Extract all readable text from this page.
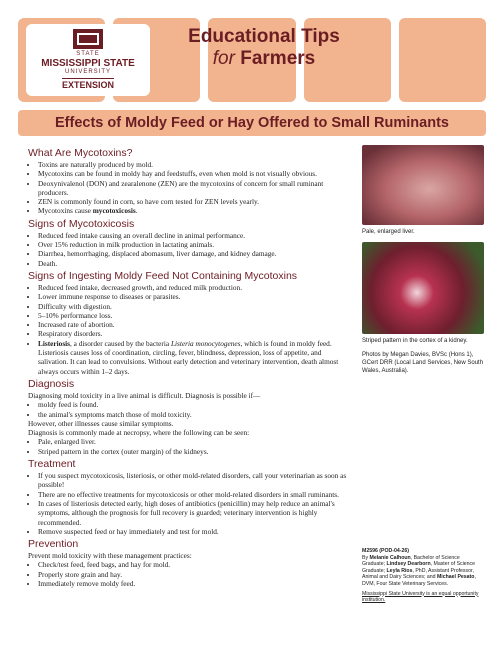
STATE
MISSISSIPPI STATE
UNIVERSITY
EXTENSION
Educational Tips
for Farmers
Effects of Moldy Feed or Hay Offered to Small Ruminants
What Are Mycotoxins?
• Toxins are naturally produced by mold.
• Mycotoxins can be found in moldy hay and feedstuffs, even when mold is not visually obvious.
• Deoxynivalenol (DON) and zearalenone (ZEN) are the mycotoxins of concern for small ruminant producers.
• ZEN is commonly found in corn, so have corn tested for ZEN levels yearly.
• Mycotoxins cause mycotoxicosis.
Signs of Mycotoxicosis
• Reduced feed intake causing an overall decline in animal performance.
• Over 15% reduction in milk production in lactating animals.
• Diarrhea, hemorrhaging, displaced abomasum, liver damage, and kidney damage.
• Death.
Signs of Ingesting Moldy Feed Not Containing Mycotoxins
• Reduced feed intake, decreased growth, and reduced milk production.
• Lower immune response to diseases or parasites.
• Difficulty with digestion.
• 5–10% performance loss.
• Increased rate of abortion.
• Respiratory disorders.
• Listeriosis, a disorder caused by the bacteria Listeria monocytogenes, which is found in moldy feed. Listeriosis causes loss of coordination, circling, fever, blindness, depression, loss of appetite, and salivation. It can lead to convulsions. Without early detection and veterinary intervention, death almost always occurs within 1–2 days.
Diagnosis

Diagnosing mold toxicity in a live animal is difficult. Diagnosis is possible if—

• moldy feed is found.
• the animal's symptoms match those of mold toxicity.

However, other illnesses cause similar symptoms.

Diagnosis is commonly made at necropsy, where the following can be seen:

• Pale, enlarged liver.
• Striped pattern in the cortex (outer margin) of the kidneys.
Treatment
• If you suspect mycotoxicosis, listeriosis, or other mold-related disorders, call your veterinarian as soon as possible!
• There are no effective treatments for mycotoxicosis or other mold-related disorders in small ruminants.
• In cases of listeriosis detected early, high doses of antibiotics (penicillin) may help reduce an animal's symptoms, although the prognosis for full recovery is guarded; veterinary intervention is highly recommended.
• Remove suspected feed or hay immediately and test for mold.
Prevention

Prevent mold toxicity with these management practices:

• Check/test feed, feed bags, and hay for mold.
• Properly store grain and hay.
• Immediately remove moldy feed.
Pale, enlarged liver.
Striped pattern in the cortex of a kidney.
Photos by Megan Davies, BVSc (Hons 1), GCert DRR (Local Land Services, New South Wales, Australia).
M2596 (POD-04-26)
By Melanie Calhoun, Bachelor of Science Graduate; Lindsey Dearborn, Master of Science Graduate; Leyla Rios, PhD, Assistant Professor, Animal and Dairy Sciences; and Michael Pesato, DVM, Four State Veterinary Services.
Mississippi State University is an equal opportunity institution.
